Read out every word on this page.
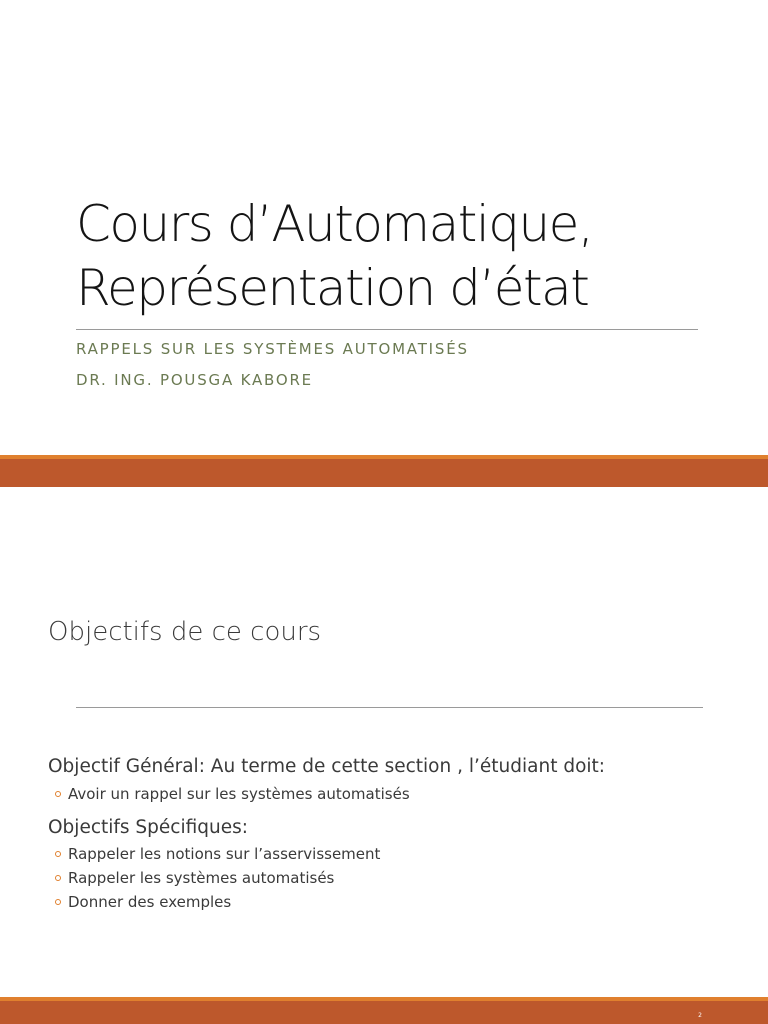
Cours d’Automatique,
Représentation d’état
RAPPELS SUR LES SYSTÈMES AUTOMATISÉS
DR. ING. POUSGA KABORE
Objectifs de ce cours
Objectif Général: Au terme de cette section , l’étudiant doit:
Avoir un rappel sur les systèmes automatisés
Objectifs Spécifiques:
Rappeler les notions sur l’asservissement
Rappeler les systèmes automatisés
Donner des exemples
2
